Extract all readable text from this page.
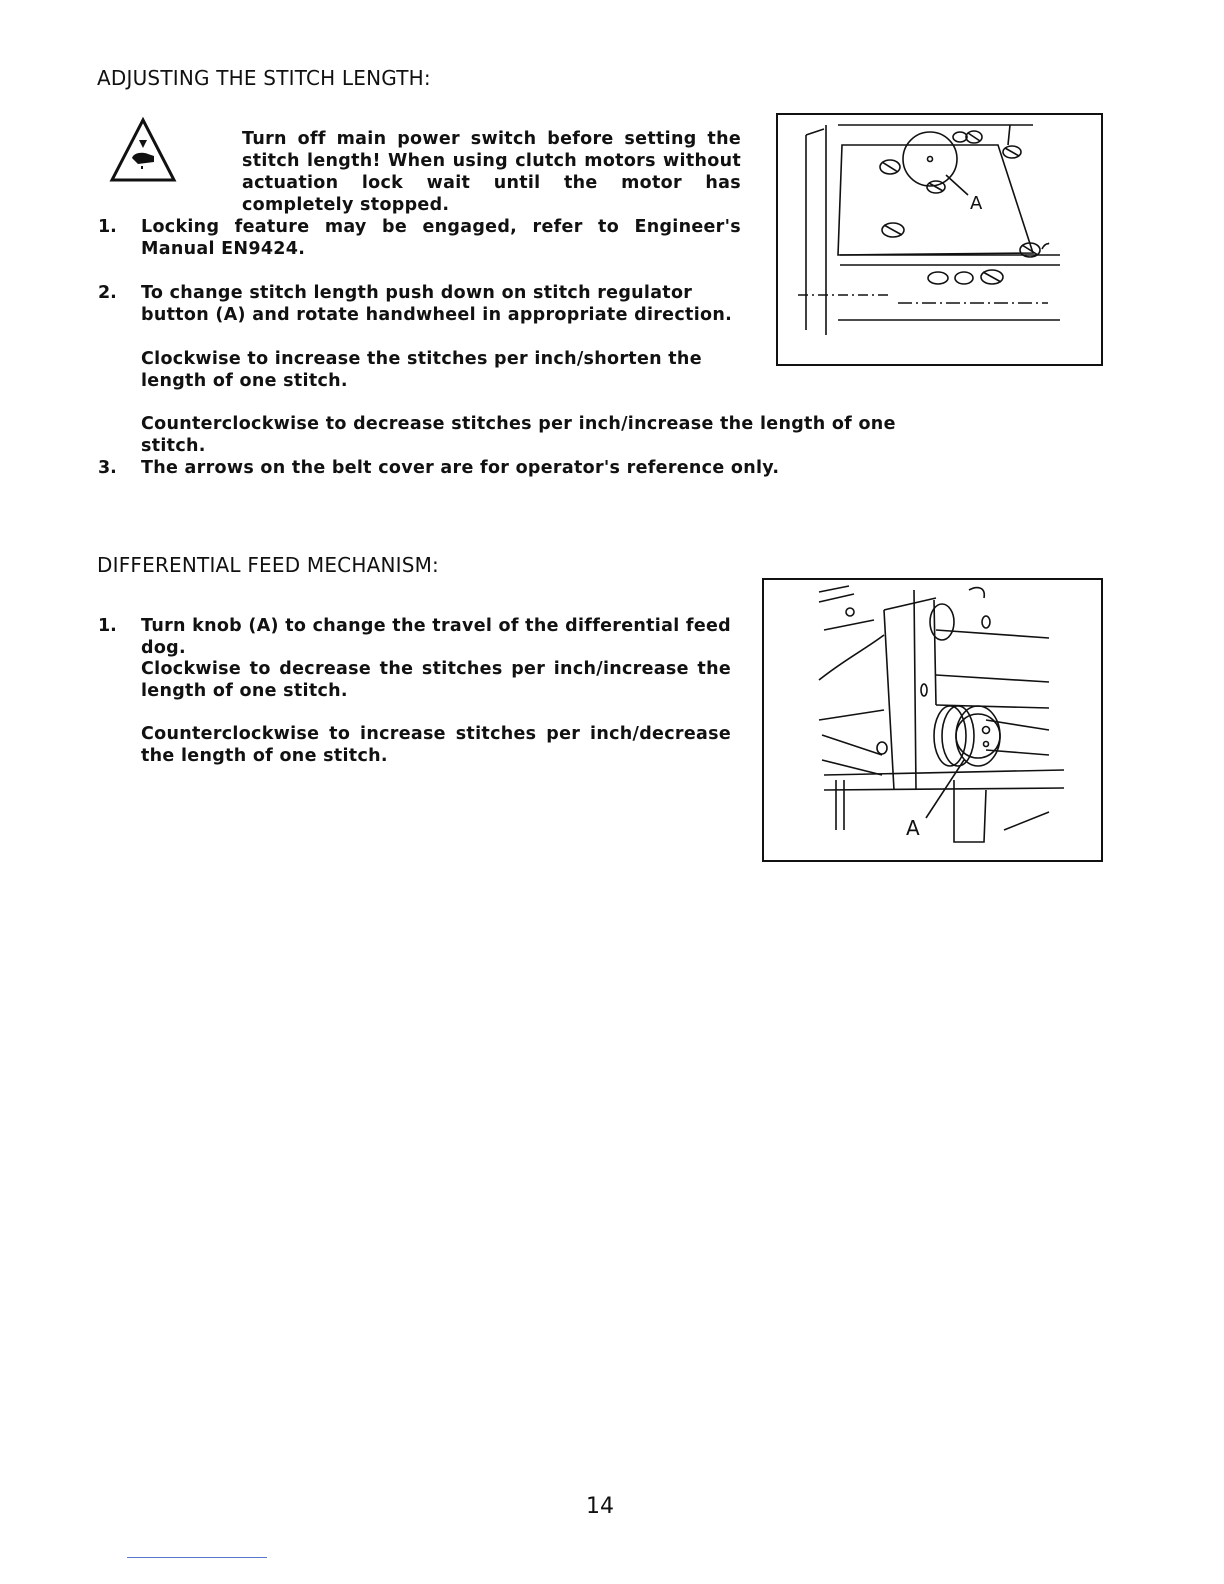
ADJUSTING THE STITCH LENGTH:

Turn off main power switch before setting the stitch length! When using clutch motors without actuation lock wait until the motor has completely stopped.

1. Locking feature may be engaged, refer to Engineer's Manual EN9424.

2. To change stitch length push down on stitch regulator button (A) and rotate handwheel in appropriate direction.

Clockwise to increase the stitches per inch/shorten the length of one stitch.

Counterclockwise to decrease stitches per inch/increase the length of one stitch.

3. The arrows on the belt cover are for operator's reference only.

A
DIFFERENTIAL FEED MECHANISM:
1. Turn knob (A) to change the travel of the differential feed dog.

Clockwise to decrease the stitches per inch/increase the length of one stitch.

Counterclockwise to increase stitches per inch/decrease the length of one stitch.

A
14
